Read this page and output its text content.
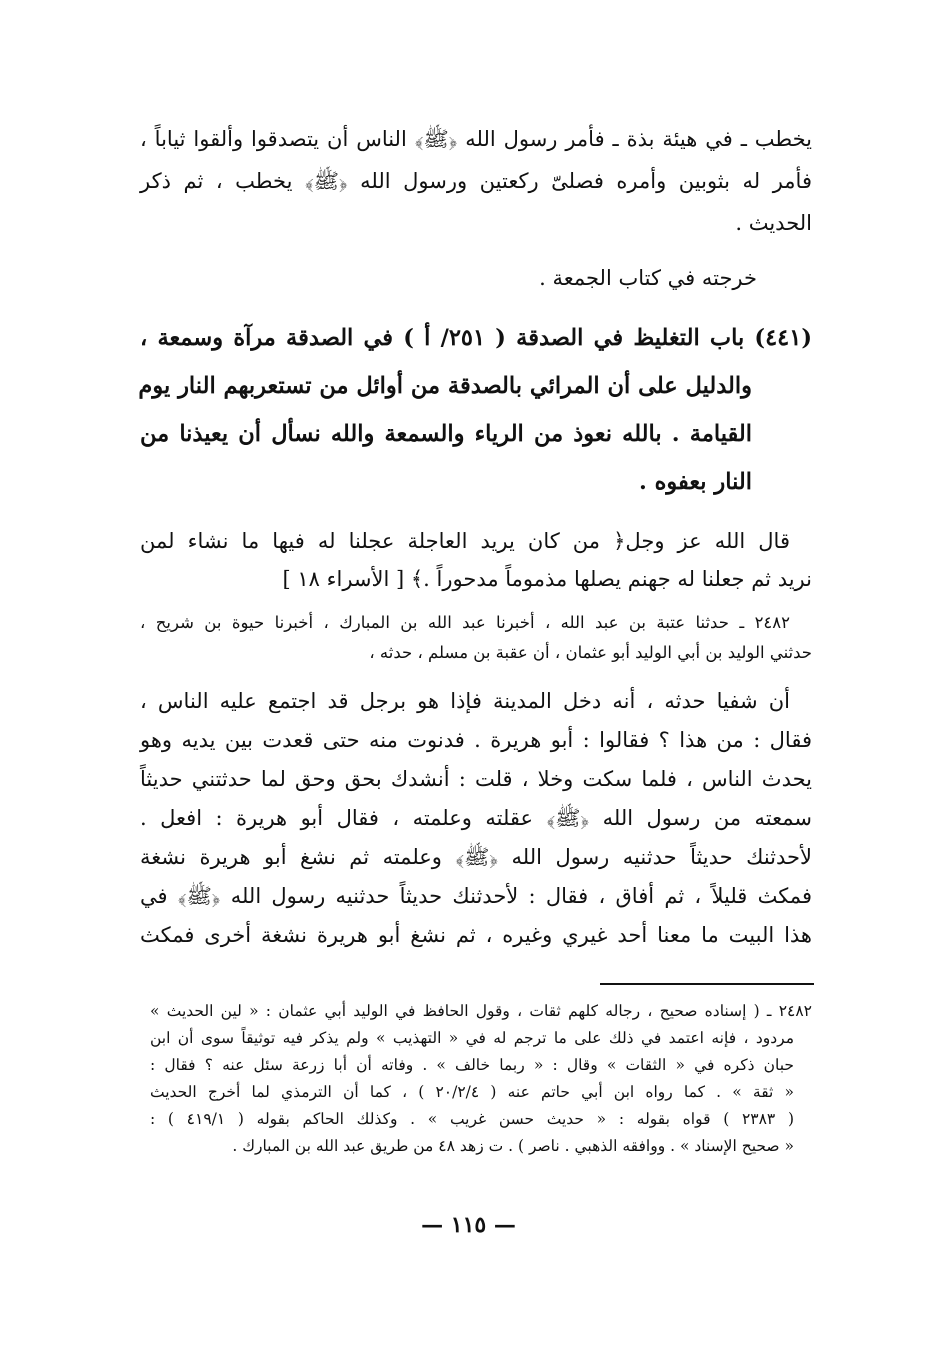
يخطب ـ في هيئة بذة ـ فأمر رسول الله ﴿ﷺ﴾ الناس أن يتصدقوا وألقوا ثياباً ،
فأمر له بثوبين وأمره فصلىّ ركعتين ورسول الله ﴿ﷺ﴾ يخطب ، ثم ذكر
الحديث .
خرجته في كتاب الجمعة .
(٤٤١) باب التغليظ في الصدقة ( ٢٥١/ أ ) في الصدقة مرآة وسمعة ،
والدليل على أن المرائي بالصدقة من أوائل من تستعربهم النار يوم
القيامة . بالله نعوذ من الرياء والسمعة والله نسأل أن يعيذنا من
النار بعفوه .
قال الله عز وجل﴿ من كان يريد العاجلة عجلنا له فيها ما نشاء لمن
نريد ثم جعلنا له جهنم يصلها مذموماً مدحوراً .﴾ [ الأسراء ١٨ ]
٢٤٨٢ ـ حدثنا عتبة بن عبد الله ، أخبرنا عبد الله بن المبارك ، أخبرنا حيوة بن شريح ،
حدثني الوليد بن أبي الوليد أبو عثمان ، أن عقبة بن مسلم ، حدثه ،
أن شفيا حدثه ، أنه دخل المدينة فإذا هو برجل قد اجتمع عليه الناس ،
فقال : من هذا ؟ فقالوا : أبو هريرة . فدنوت منه حتى قعدت بين يديه وهو
يحدث الناس ، فلما سكت وخلا ، قلت : أنشدك بحق وحق لما حدثتني حديثاً
سمعته من رسول الله ﴿ﷺ﴾ عقلته وعلمته ، فقال أبو هريرة : افعل .
لأحدثنك حديثاً حدثنيه رسول الله ﴿ﷺ﴾ وعلمته ثم نشغ أبو هريرة نشغة
فمكث قليلاً ، ثم أفاق ، فقال : لأحدثنك حديثاً حدثنيه رسول الله ﴿ﷺ﴾ في
هذا البيت ما معنا أحد غيري وغيره ، ثم نشغ أبو هريرة نشغة أخرى فمكث
٢٤٨٢ ـ ( إسناده صحيح ، رجاله كلهم ثقات ، وقول الحافظ في الوليد أبي عثمان : « لين الحديث »
مردود ، فإنه اعتمد في ذلك على ما ترجم له في « التهذيب » ولم يذكر فيه توثيقاً سوى أن ابن
حبان ذكره في « الثقات » وقال : « ربما خالف » . وفاته أن أبا زرعة سئل عنه ؟ فقال :
« ثقة » . كما رواه ابن أبي حاتم عنه ( ٢٠/٢/٤ ) ، كما أن الترمذي لما أخرج الحديث
( ٢٣٨٣ ) قواه بقوله : « حديث حسن غريب » . وكذلك الحاكم بقوله ( ٤١٩/١ ) :
« صحيح الإسناد » . ووافقه الذهبي . ناصر ) . ت زهد ٤٨ من طريق عبد الله بن المبارك .
— ١١٥ —
